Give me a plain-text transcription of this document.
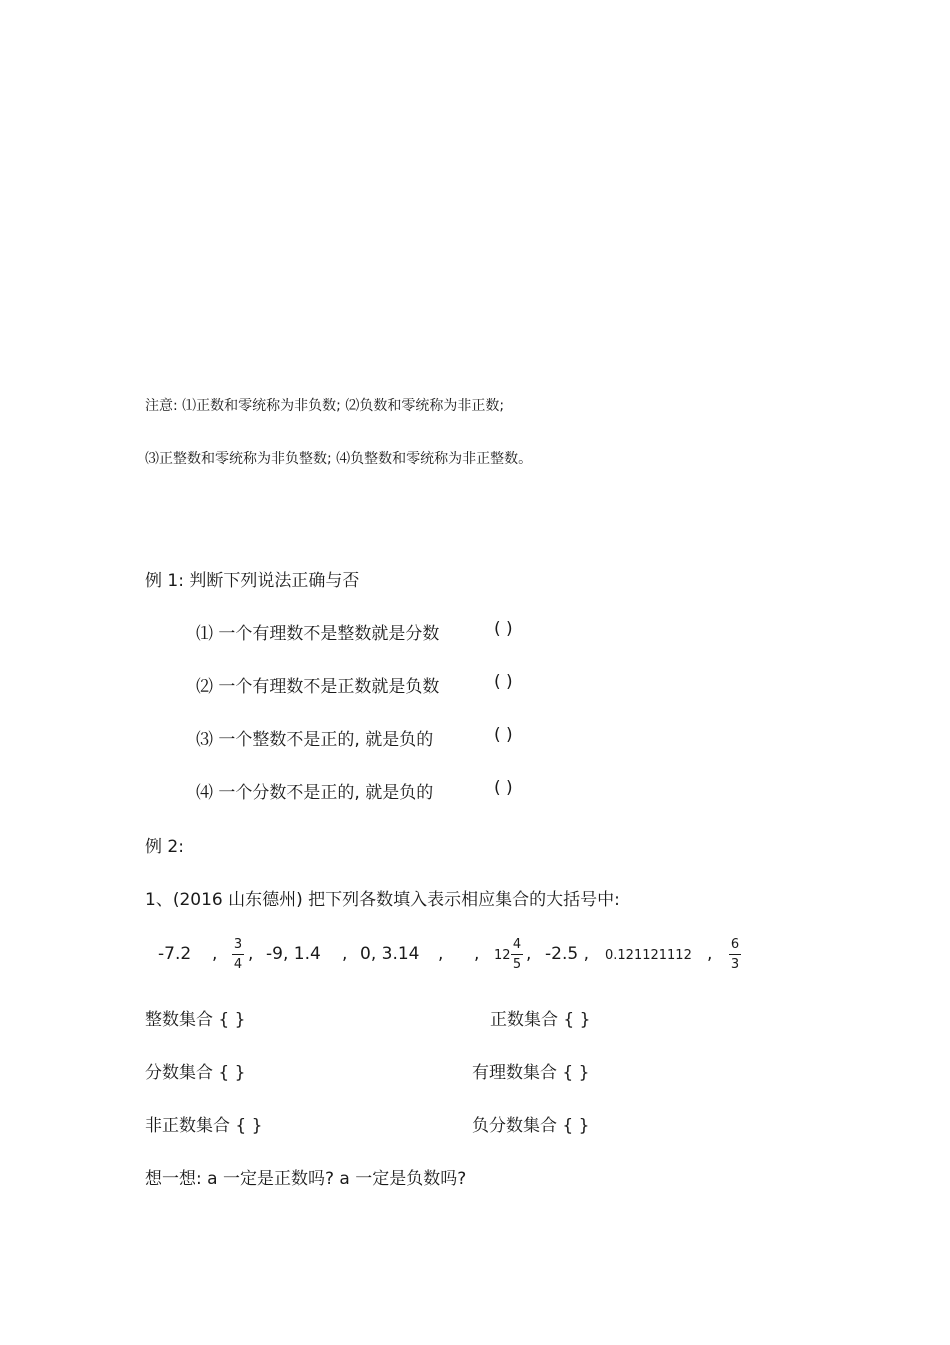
注意: ⑴正数和零统称为非负数; ⑵负数和零统称为非正数;
⑶正整数和零统称为非负整数; ⑷负整数和零统称为非正整数。
例 1: 判断下列说法正确与否
⑴ 一个有理数不是整数就是分数	( )
⑵ 一个有理数不是正数就是负数	( )
⑶ 一个整数不是正的, 就是负的	( )
⑷ 一个分数不是正的, 就是负的	( )
例 2:
1、(2016 山东德州) 把下列各数填入表示相应集合的大括号中:
-7.2 , 3
4
, -9, 1.4 , 0, 3.14 , , 12
4
5
, -2.5 , 0.121121112 , 6
3
整数集合 { }	正数集合 { }
分数集合 { }	有理数集合 { }
非正数集合 { }	负分数集合 { }
想一想: a 一定是正数吗? a 一定是负数吗?
